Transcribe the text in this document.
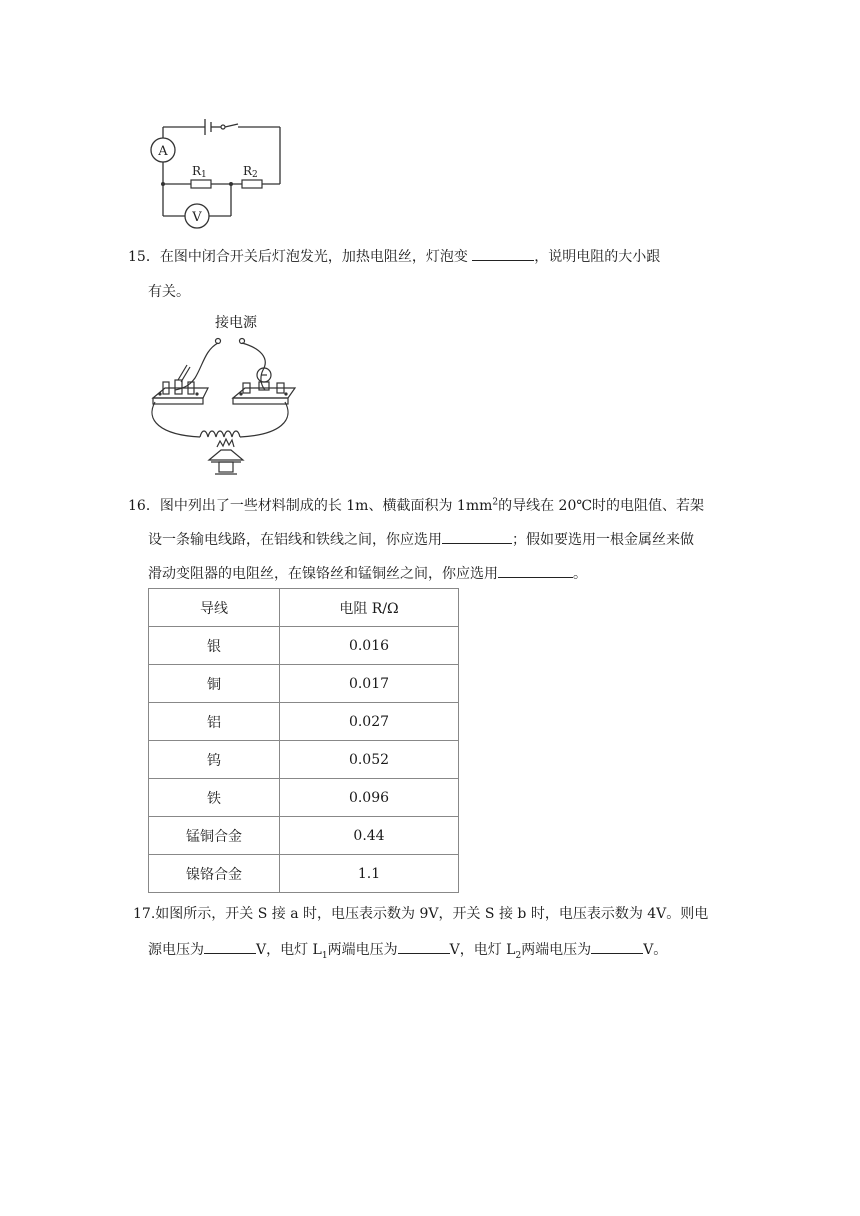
A
V
R1	R2
15．在图中闭合开关后灯泡发光，加热电阻丝，灯泡变	，说明电阻的大小跟
有关。
接电源
16．图中列出了一些材料制成的长 1m、横截面积为 $1mm^2$的导线在 20℃时的电阻值、若架
设一条输电线路，在铝线和铁线之间，你应选用	；假如要选用一根金属丝来做
滑动变阻器的电阻丝，在镍铬丝和锰铜丝之间，你应选用	。
导线	电阻 R/Ω
银	0.016
铜	0.017
铝	0.027
钨	0.052
铁	0.096
锰铜合金	0.44
镍铬合金	1.1
17.如图所示，开关 S 接 a 时，电压表示数为 9V，开关 S 接 b 时，电压表示数为 4V。则电
源电压为	V，电灯 $L_1$两端电压为	V，电灯 $L_2$两端电压为	V。
